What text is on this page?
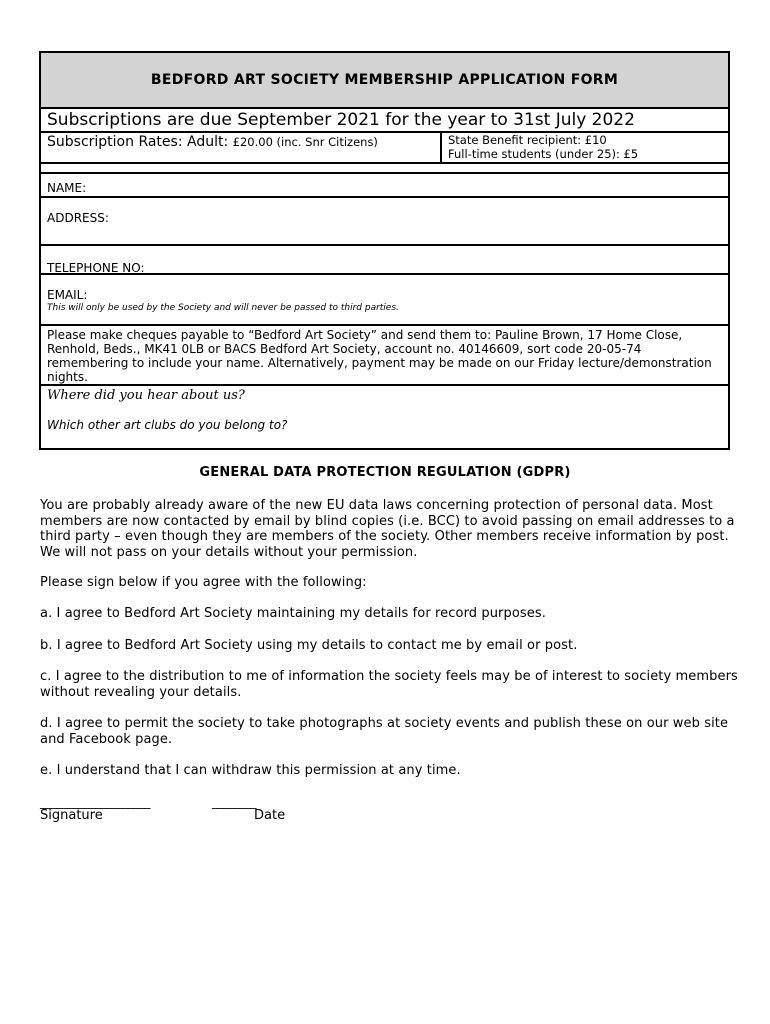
BEDFORD ART SOCIETY MEMBERSHIP APPLICATION FORM
Subscriptions are due September 2021 for the year to 31st July 2022
Subscription Rates: Adult: £20.00 (inc. Snr Citizens)	State Benefit recipient: £10
Full-time students (under 25): £5
NAME:
ADDRESS:
TELEPHONE NO:
EMAIL:
This will only be used by the Society and will never be passed to third parties.
Please make cheques payable to “Bedford Art Society” and send them to: Pauline Brown, 17 Home Close, Renhold, Beds., MK41 0LB or BACS Bedford Art Society, account no. 40146609, sort code 20-05-74 remembering to include your name. Alternatively, payment may be made on our Friday lecture/demonstration nights.
Where did you hear about us?
Which other art clubs do you belong to?
GENERAL DATA PROTECTION REGULATION (GDPR)
You are probably already aware of the new EU data laws concerning protection of personal data. Most members are now contacted by email by blind copies (i.e. BCC) to avoid passing on email addresses to a third party – even though they are members of the society. Other members receive information by post. We will not pass on your details without your permission.
Please sign below if you agree with the following:
a. I agree to Bedford Art Society maintaining my details for record purposes.
b. I agree to Bedford Art Society using my details to contact me by email or post.
c. I agree to the distribution to me of information the society feels may be of interest to society members without revealing your details.
d. I agree to permit the society to take photographs at society events and publish these on our web site and Facebook page.
e. I understand that I can withdraw this permission at any time.
____________________	________
Signature	Date
